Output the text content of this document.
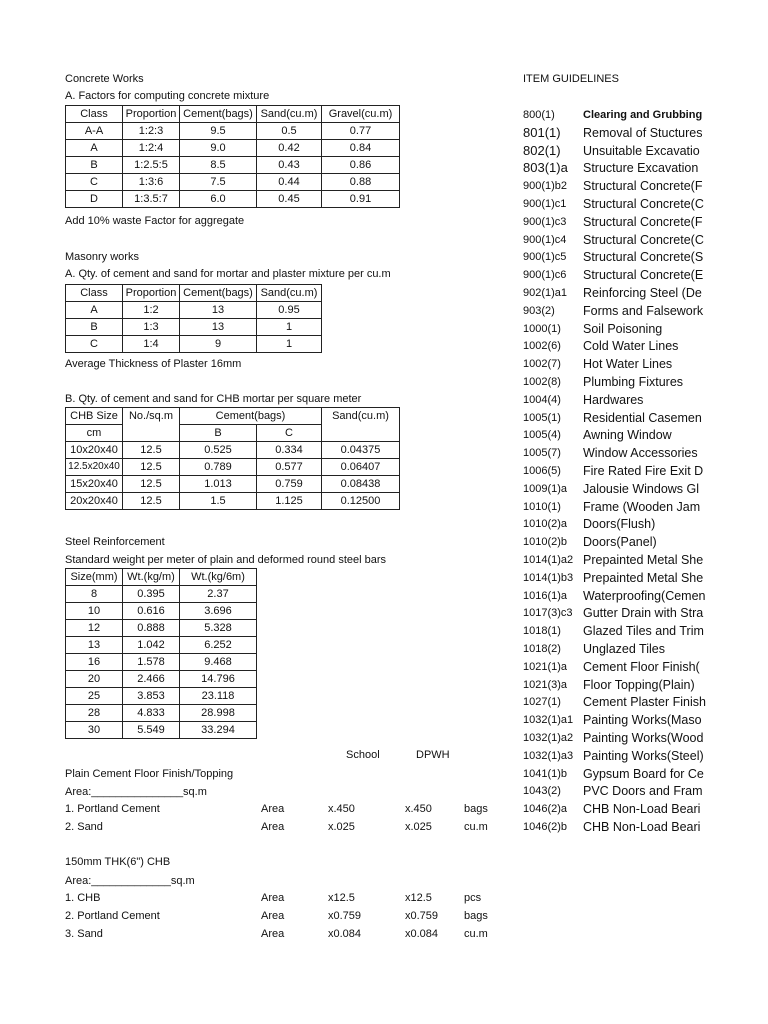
Concrete Works
A. Factors for computing concrete mixture
Class	Proportion	Cement(bags)	Sand(cu.m)	Gravel(cu.m)
A-A	1:2:3	9.5	0.5	0.77
A	1:2:4	9.0	0.42	0.84
B	1:2.5:5	8.5	0.43	0.86
C	1:3:6	7.5	0.44	0.88
D	1:3.5:7	6.0	0.45	0.91
Add 10% waste Factor for aggregate
Masonry works
A. Qty. of cement and sand for mortar and plaster mixture per cu.m
Class	Proportion	Cement(bags)	Sand(cu.m)
A	1:2	13	0.95
B	1:3	13	1
C	1:4	9	1
Average Thickness of Plaster 16mm
B. Qty. of cement and sand for CHB mortar per square meter
CHB Size	No./sq.m	Cement(bags)		Sand(cu.m)
cm		B	C	
10x20x40	12.5	0.525	0.334	0.04375
12.5x20x40	12.5	0.789	0.577	0.06407
15x20x40	12.5	1.013	0.759	0.08438
20x20x40	12.5	1.5	1.125	0.12500
Steel Reinforcement
Standard weight per meter of plain and deformed round steel bars
Size(mm)	Wt.(kg/m)	Wt.(kg/6m)
8	0.395	2.37
10	0.616	3.696
12	0.888	5.328
13	1.042	6.252
16	1.578	9.468
20	2.466	14.796
25	3.853	23.118
28	4.833	28.998
30	5.549	33.294
School	DPWH
Plain Cement Floor Finish/Topping
Area:_______________sq.m
1. Portland Cement	Area	x.450	x.450	bags
2. Sand	Area	x.025	x.025	cu.m
150mm THK(6") CHB
Area:_____________sq.m
1. CHB	Area	x12.5	x12.5	pcs
2. Portland Cement	Area	x0.759	x0.759 bags
3. Sand	Area	x0.084	x0.084 cu.m
ITEM GUIDELINES
800(1)	Clearing and Grubbing
801(1)	Removal of Stuctures
802(1)	Unsuitable Excavatio
803(1)a	Structure Excavation
900(1)b2	Structural Concrete(F
900(1)c1	Structural Concrete(C
900(1)c3	Structural Concrete(F
900(1)c4	Structural Concrete(C
900(1)c5	Structural Concrete(S
900(1)c6	Structural Concrete(E
902(1)a1	Reinforcing Steel (De
903(2)	Forms and Falsework
1000(1)	Soil Poisoning
1002(6)	Cold Water Lines
1002(7)	Hot Water Lines
1002(8)	Plumbing Fixtures
1004(4)	Hardwares
1005(1)	Residential Casemen
1005(4)	Awning Window
1005(7)	Window Accessories
1006(5)	Fire Rated Fire Exit D
1009(1)a	Jalousie Windows Gl
1010(1)	Frame (Wooden Jam
1010(2)a	Doors(Flush)
1010(2)b	Doors(Panel)
1014(1)a2 Prepainted Metal She
1014(1)b3 Prepainted Metal She
1016(1)a	Waterproofing(Cemen
1017(3)c3 Gutter Drain with Stra
1018(1)	Glazed Tiles and Trim
1018(2)	Unglazed Tiles
1021(1)a	Cement Floor Finish(
1021(3)a	Floor Topping(Plain)
1027(1)	Cement Plaster Finish
1032(1)a1 Painting Works(Maso
1032(1)a2 Painting Works(Wood
1032(1)a3 Painting Works(Steel)
1041(1)b	Gypsum Board for Ce
1043(2)	PVC Doors and Fram
1046(2)a	CHB Non-Load Beari
1046(2)b	CHB Non-Load Beari
